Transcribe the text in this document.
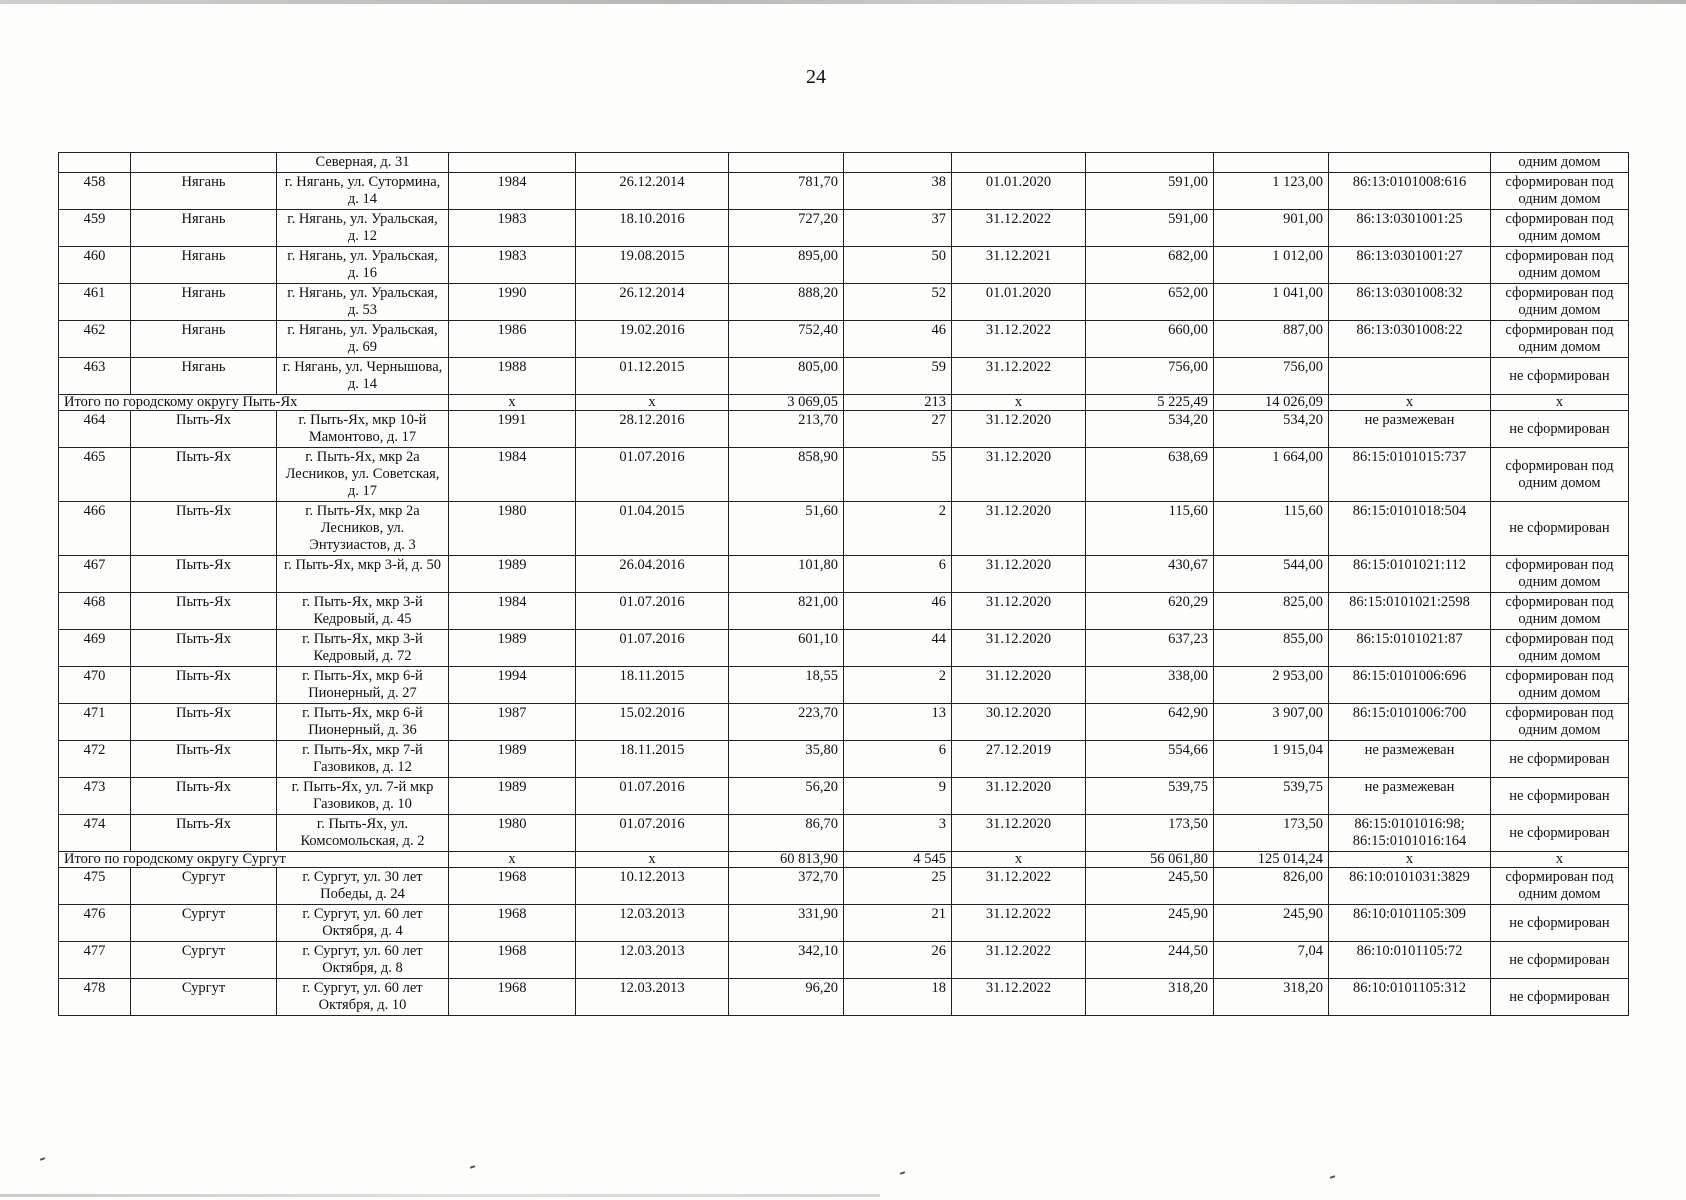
24
		Северная, д. 31									одним домом
458	Нягань	г. Нягань, ул. Сутормина, д. 14	1984	26.12.2014	781,70	38	01.01.2020	591,00	1 123,00	86:13:0101008:616	сформирован под одним домом
459	Нягань	г. Нягань, ул. Уральская, д. 12	1983	18.10.2016	727,20	37	31.12.2022	591,00	901,00	86:13:0301001:25	сформирован под одним домом
460	Нягань	г. Нягань, ул. Уральская, д. 16	1983	19.08.2015	895,00	50	31.12.2021	682,00	1 012,00	86:13:0301001:27	сформирован под одним домом
461	Нягань	г. Нягань, ул. Уральская, д. 53	1990	26.12.2014	888,20	52	01.01.2020	652,00	1 041,00	86:13:0301008:32	сформирован под одним домом
462	Нягань	г. Нягань, ул. Уральская, д. 69	1986	19.02.2016	752,40	46	31.12.2022	660,00	887,00	86:13:0301008:22	сформирован под одним домом
463	Нягань	г. Нягань, ул. Чернышова, д. 14	1988	01.12.2015	805,00	59	31.12.2022	756,00	756,00		не сформирован
Итого по городскому округу Пыть-Ях			х	х	3 069,05	213	х	5 225,49	14 026,09	х	х
464	Пыть-Ях	г. Пыть-Ях, мкр 10-й Мамонтово, д. 17	1991	28.12.2016	213,70	27	31.12.2020	534,20	534,20	не размежеван	не сформирован
465	Пыть-Ях	г. Пыть-Ях, мкр 2а Лесников, ул. Советская, д. 17	1984	01.07.2016	858,90	55	31.12.2020	638,69	1 664,00	86:15:0101015:737	сформирован под одним домом
466	Пыть-Ях	г. Пыть-Ях, мкр 2а Лесников, ул. Энтузиастов, д. 3	1980	01.04.2015	51,60	2	31.12.2020	115,60	115,60	86:15:0101018:504	не сформирован
467	Пыть-Ях	г. Пыть-Ях, мкр 3-й, д. 50	1989	26.04.2016	101,80	6	31.12.2020	430,67	544,00	86:15:0101021:112	сформирован под одним домом
468	Пыть-Ях	г. Пыть-Ях, мкр 3-й Кедровый, д. 45	1984	01.07.2016	821,00	46	31.12.2020	620,29	825,00	86:15:0101021:2598	сформирован под одним домом
469	Пыть-Ях	г. Пыть-Ях, мкр 3-й Кедровый, д. 72	1989	01.07.2016	601,10	44	31.12.2020	637,23	855,00	86:15:0101021:87	сформирован под одним домом
470	Пыть-Ях	г. Пыть-Ях, мкр 6-й Пионерный, д. 27	1994	18.11.2015	18,55	2	31.12.2020	338,00	2 953,00	86:15:0101006:696	сформирован под одним домом
471	Пыть-Ях	г. Пыть-Ях, мкр 6-й Пионерный, д. 36	1987	15.02.2016	223,70	13	30.12.2020	642,90	3 907,00	86:15:0101006:700	сформирован под одним домом
472	Пыть-Ях	г. Пыть-Ях, мкр 7-й Газовиков, д. 12	1989	18.11.2015	35,80	6	27.12.2019	554,66	1 915,04	не размежеван	не сформирован
473	Пыть-Ях	г. Пыть-Ях, ул. 7-й мкр Газовиков, д. 10	1989	01.07.2016	56,20	9	31.12.2020	539,75	539,75	не размежеван	не сформирован
474	Пыть-Ях	г. Пыть-Ях, ул. Комсомольская, д. 2	1980	01.07.2016	86,70	3	31.12.2020	173,50	173,50	86:15:0101016:98; 86:15:0101016:164	не сформирован
Итого по городскому округу Сургут			х	х	60 813,90	4 545	х	56 061,80	125 014,24	х	х
475	Сургут	г. Сургут, ул. 30 лет Победы, д. 24	1968	10.12.2013	372,70	25	31.12.2022	245,50	826,00	86:10:0101031:3829	сформирован под одним домом
476	Сургут	г. Сургут, ул. 60 лет Октября, д. 4	1968	12.03.2013	331,90	21	31.12.2022	245,90	245,90	86:10:0101105:309	не сформирован
477	Сургут	г. Сургут, ул. 60 лет Октября, д. 8	1968	12.03.2013	342,10	26	31.12.2022	244,50	7,04	86:10:0101105:72	не сформирован
478	Сургут	г. Сургут, ул. 60 лет Октября, д. 10	1968	12.03.2013	96,20	18	31.12.2022	318,20	318,20	86:10:0101105:312	не сформирован
